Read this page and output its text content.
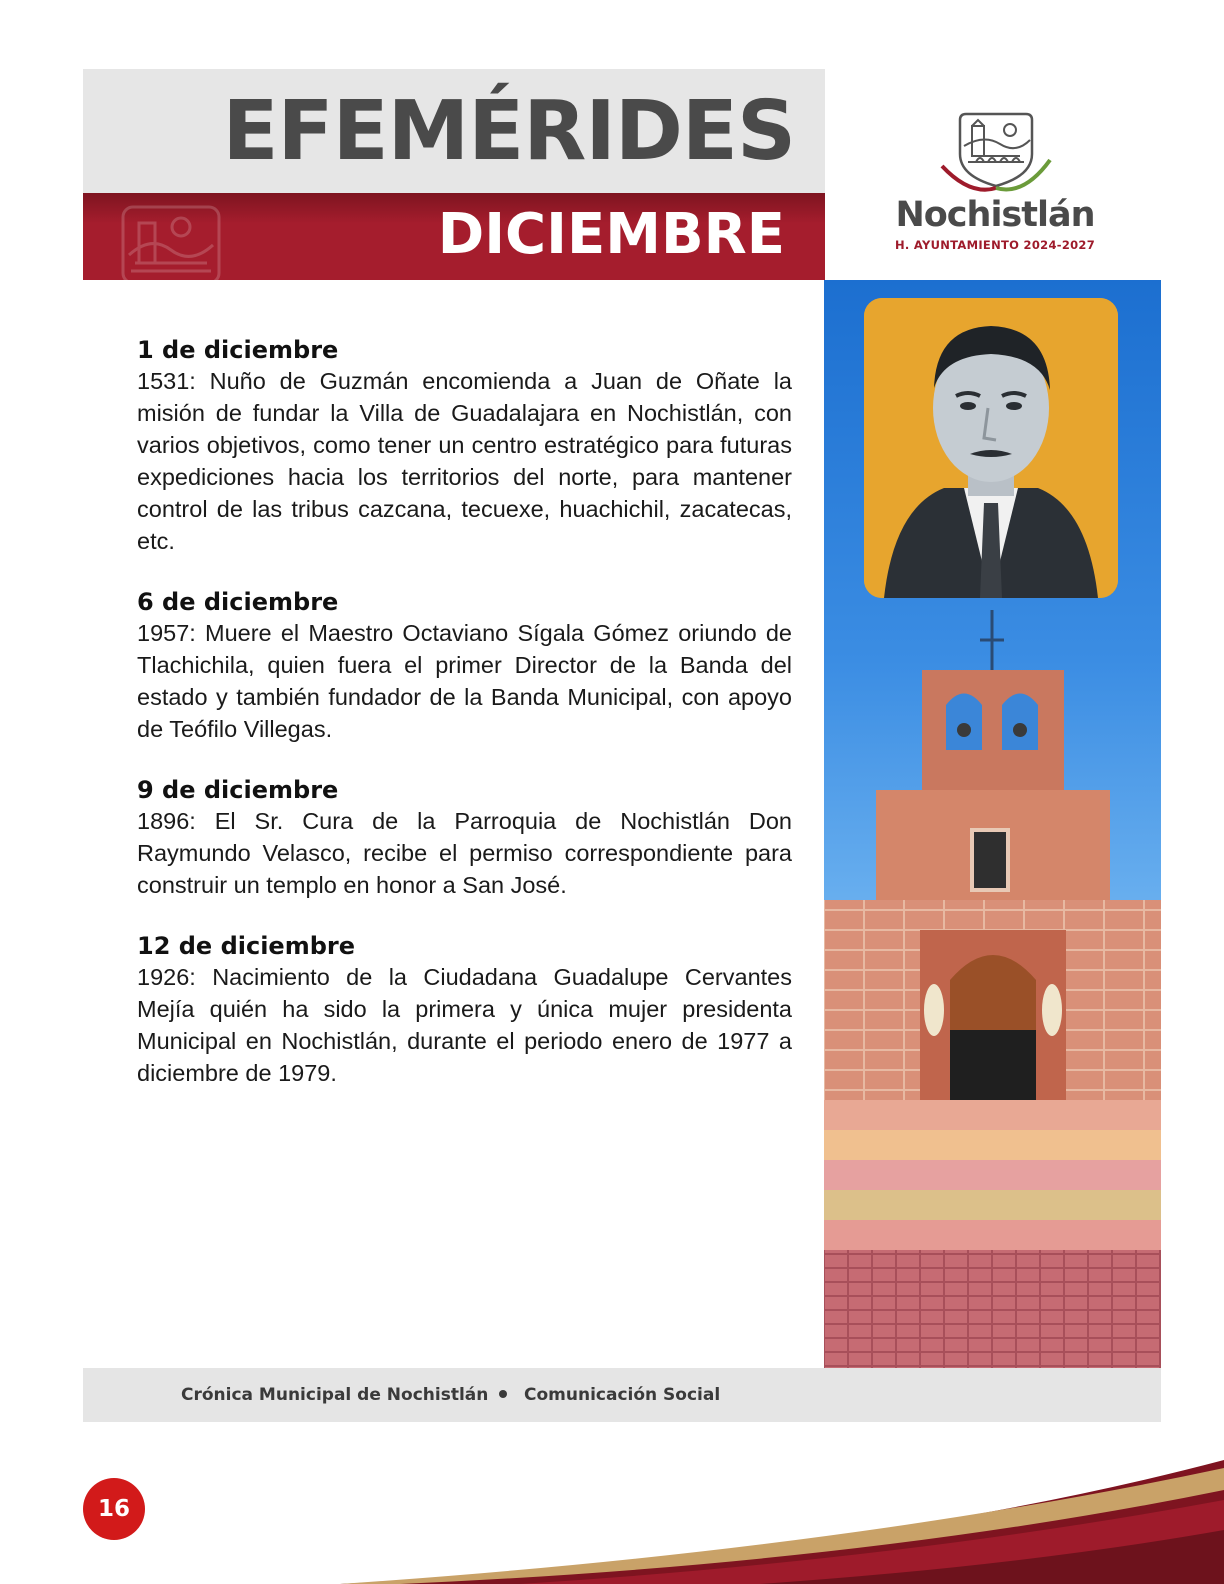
EFEMÉRIDES
DICIEMBRE	Nochistlán
H. AYUNTAMIENTO 2024-2027
1 de diciembre
1531: Nuño de Guzmán encomienda a Juan de Oñate la misión de fundar la Villa de Guadalajara en Nochistlán, con varios objetivos, como tener un centro estratégico para futuras expediciones hacia los territorios del norte, para mantener control de las tribus cazcana, tecuexe, huachichil, zacatecas, etc.
6 de diciembre
1957: Muere el Maestro Octaviano Sígala Gómez oriundo de Tlachichila, quien fuera el primer Director de la Banda del estado y también fundador de la Banda Municipal, con apoyo de Teófilo Villegas.
9 de diciembre
1896: El Sr. Cura de la Parroquia de Nochistlán Don Raymundo Velasco, recibe el permiso correspondiente para construir un templo en honor a San José.
12 de diciembre
1926: Nacimiento de la Ciudadana Guadalupe Cervantes Mejía quién ha sido la primera y única mujer presidenta Municipal en Nochistlán, durante el periodo enero de 1977 a diciembre de 1979.
Crónica Municipal de Nochistlán Comunicación Social
16
